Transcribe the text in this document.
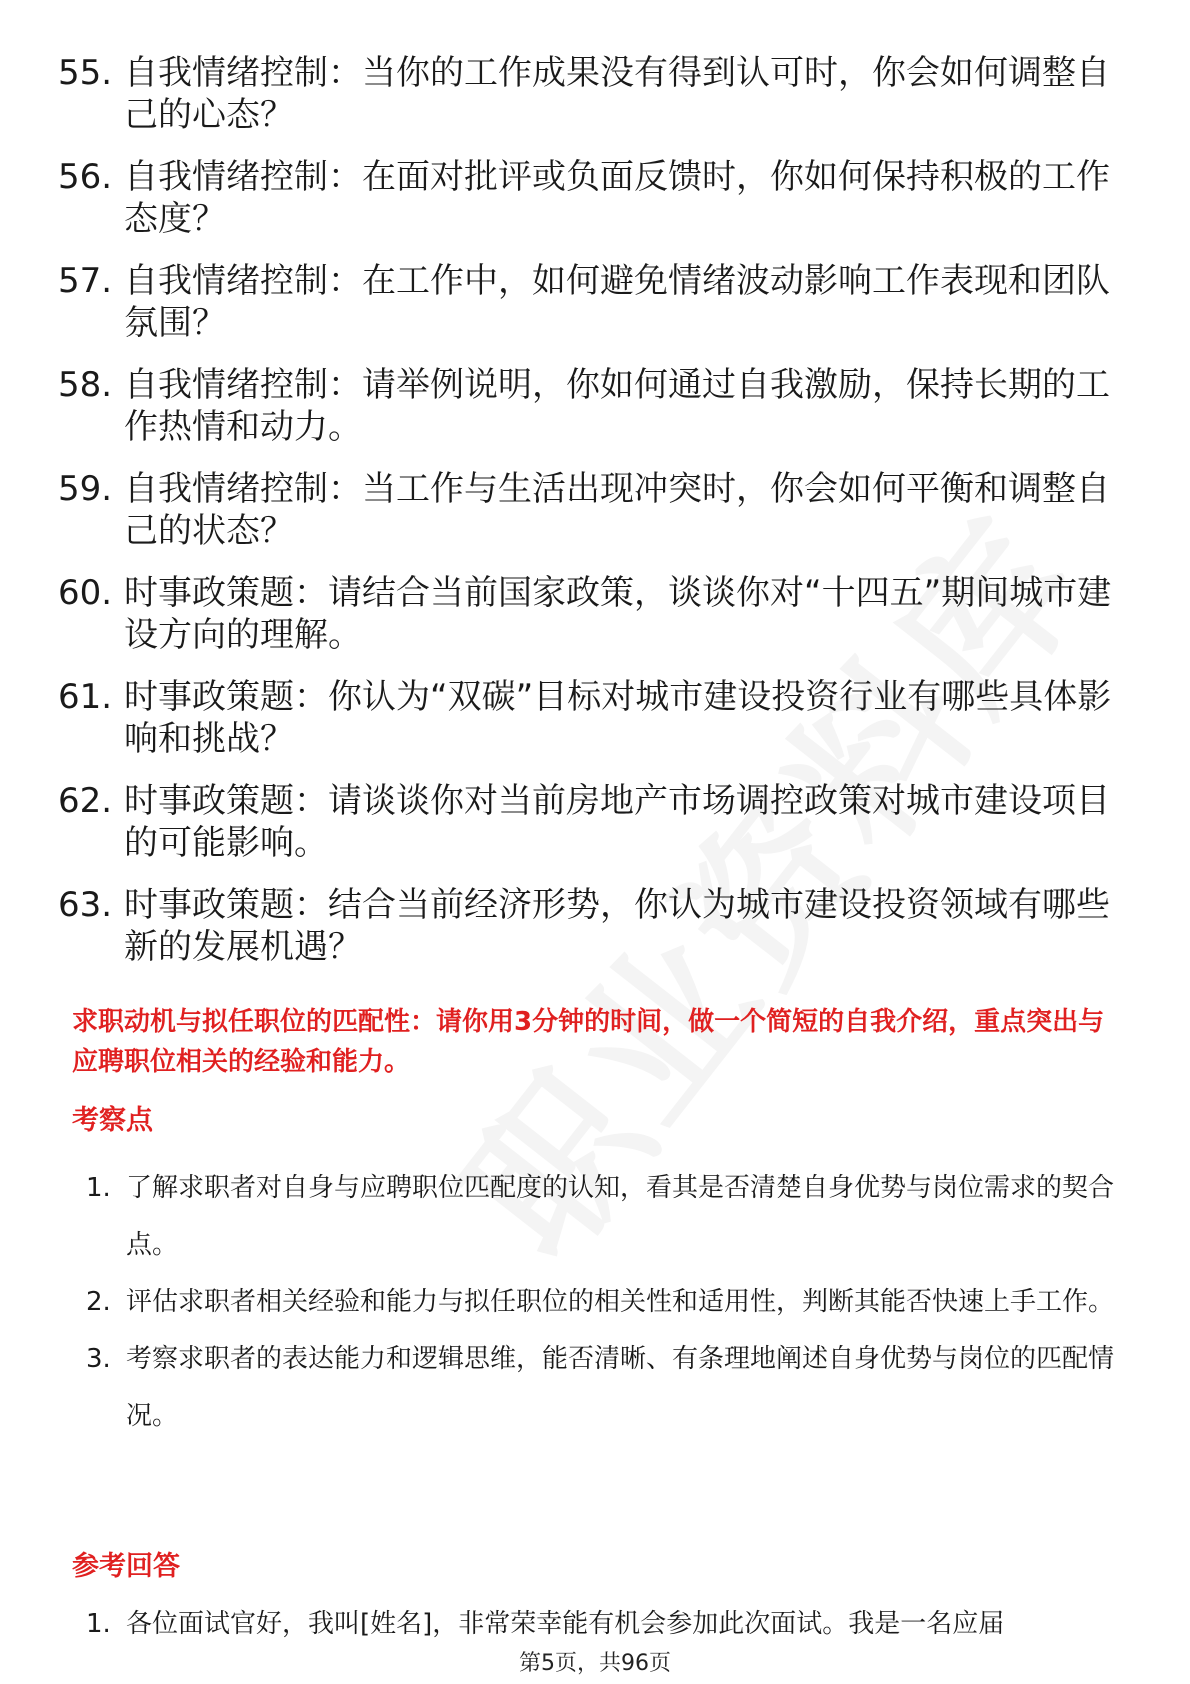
55. 自我情绪控制：当你的工作成果没有得到认可时，你会如何调整自己的心态？
56. 自我情绪控制：在面对批评或负面反馈时，你如何保持积极的工作态度？
57. 自我情绪控制：在工作中，如何避免情绪波动影响工作表现和团队氛围？
58. 自我情绪控制：请举例说明，你如何通过自我激励，保持长期的工作热情和动力。
59. 自我情绪控制：当工作与生活出现冲突时，你会如何平衡和调整自己的状态？
60. 时事政策题：请结合当前国家政策，谈谈你对“十四五”期间城市建设方向的理解。
61. 时事政策题：你认为“双碳”目标对城市建设投资行业有哪些具体影响和挑战？
62. 时事政策题：请谈谈你对当前房地产市场调控政策对城市建设项目的可能影响。
63. 时事政策题：结合当前经济形势，你认为城市建设投资领域有哪些新的发展机遇？
求职动机与拟任职位的匹配性：请你用3分钟的时间，做一个简短的自我介绍，重点突出与应聘职位相关的经验和能力。
考察点
1. 了解求职者对自身与应聘职位匹配度的认知，看其是否清楚自身优势与岗位需求的契合点。
2. 评估求职者相关经验和能力与拟任职位的相关性和适用性，判断其能否快速上手工作。
3. 考察求职者的表达能力和逻辑思维，能否清晰、有条理地阐述自身优势与岗位的匹配情况。
参考回答
1. 各位面试官好，我叫[姓名]，非常荣幸能有机会参加此次面试。我是一名应届
第5页，共96页
